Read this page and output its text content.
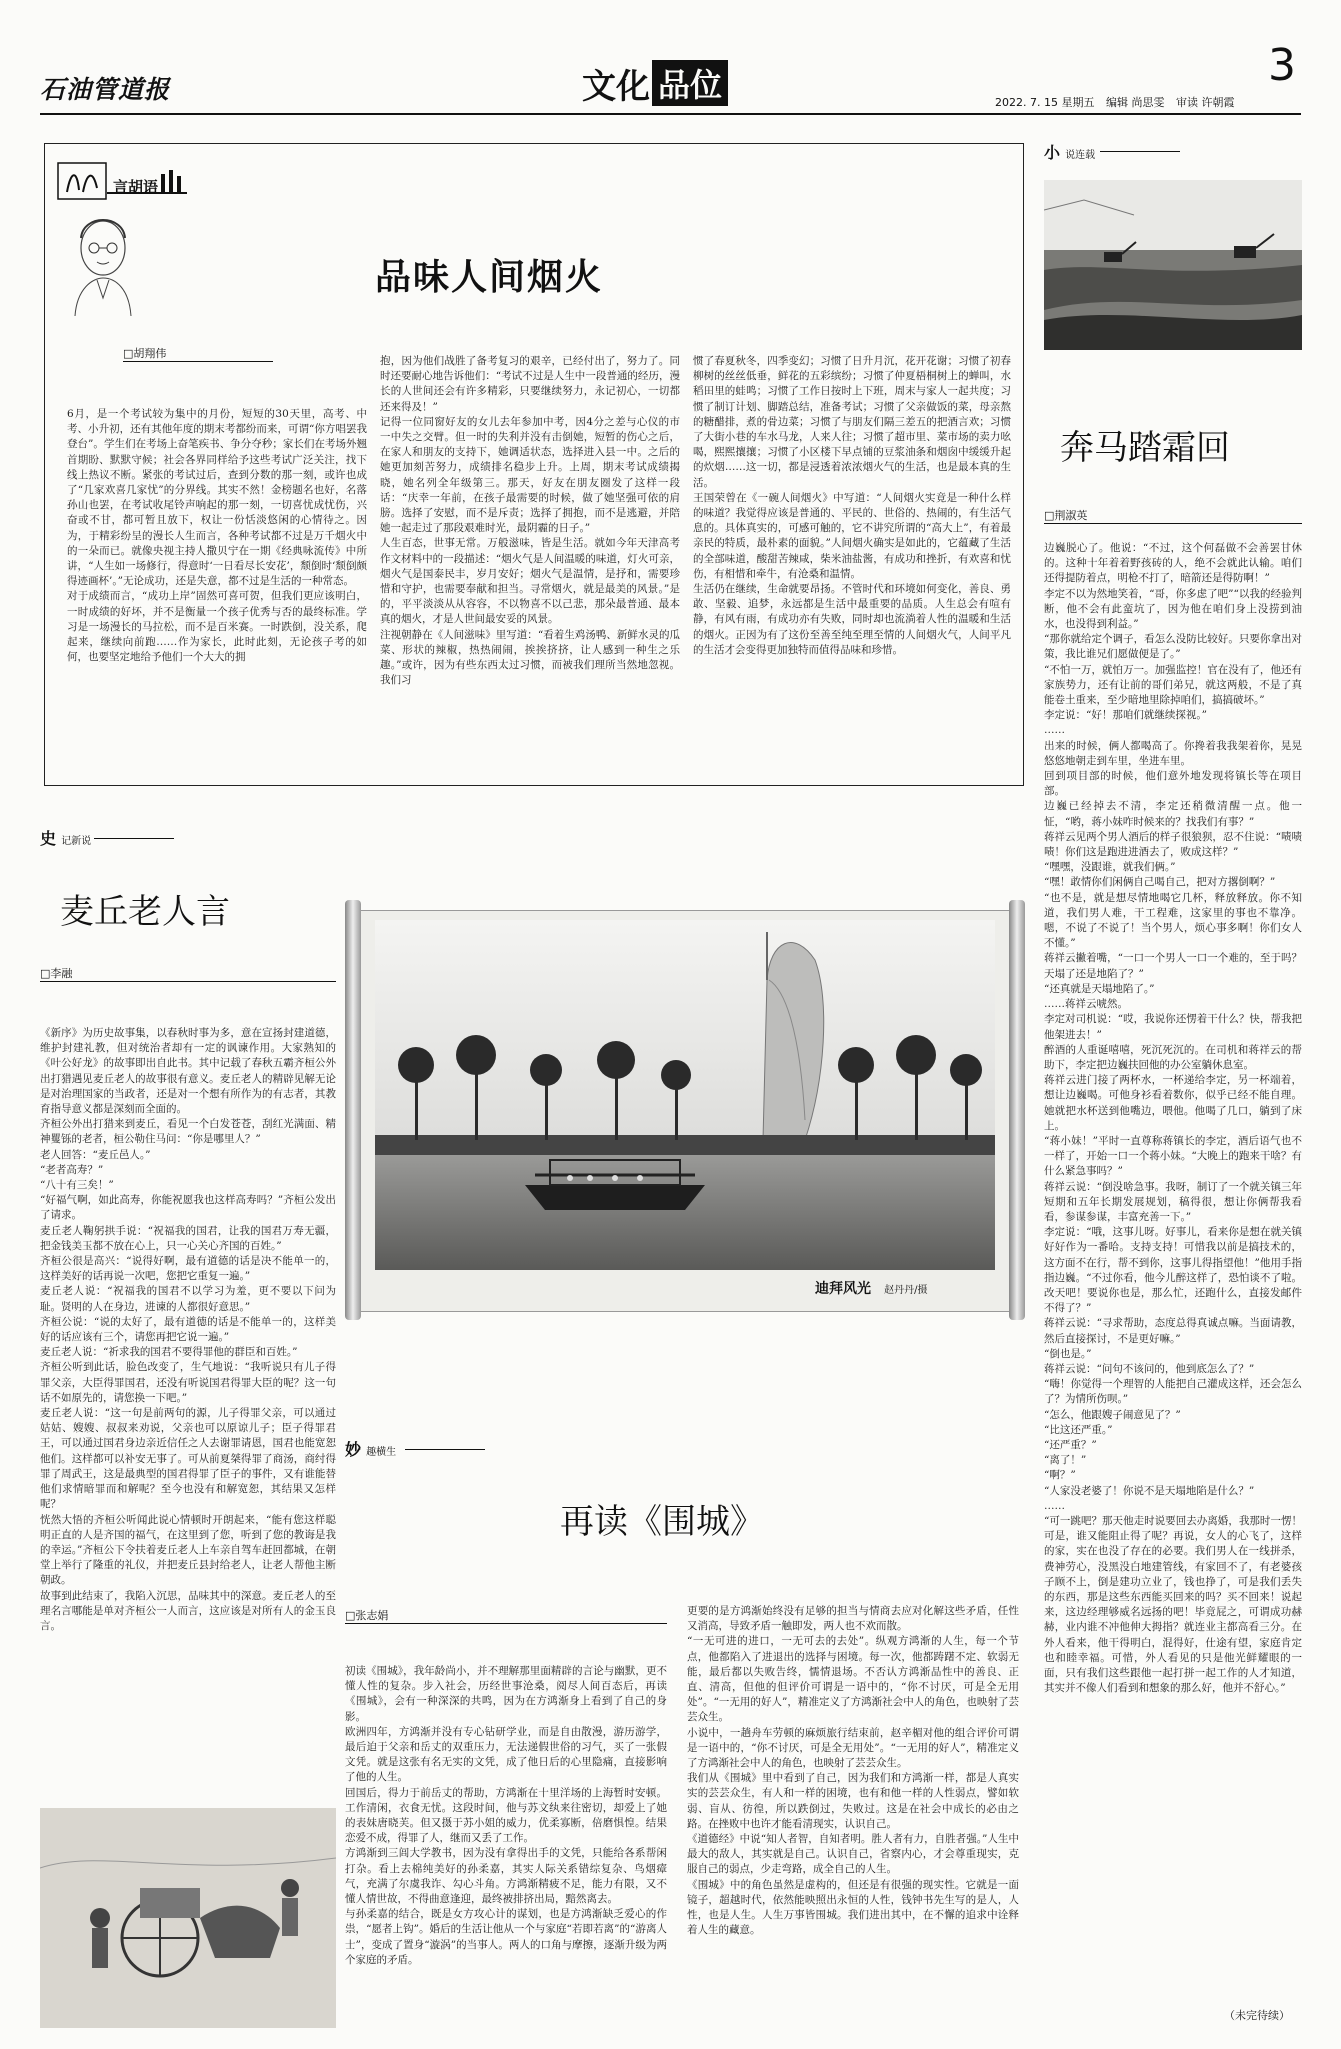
石油管道报	文化 品位	3
2022. 7. 15 星期五 编辑 尚思雯 审读 许朝霞
言胡语
品味人间烟火
□胡翔伟
6月，是一个考试较为集中的月份，短短的30天里，高考、中考、小升初，还有其他年度的期末考都纷而来，可谓“你方唱罢我登台”。学生们在考场上奋笔疾书、争分夺秒；家长们在考场外翘首期盼、默默守候；社会各界同样给予这些考试广泛关注，找下线上热议不断。紧张的考试过后，查到分数的那一刻，或许也成了“几家欢喜几家忧”的分界线。其实不然！金榜题名也好，名落孙山也罢，在考试收尾铃声响起的那一刻，一切喜忧成忧伤，兴奋或不甘，都可暂且放下，权让一份恬淡悠闲的心情待之。因为，于精彩纷呈的漫长人生而言，各种考试都不过是万千烟火中的一朵而已。就像央视主持人撒贝宁在一期《经典咏流传》中所讲，“人生如一场修行，得意时‘一日看尽长安花’，颓倒时‘颓倒颇得迹画杯’。”无论成功，还是失意，都不过是生活的一种常态。
对于成绩而言，“成功上岸”固然可喜可贺，但我们更应该明白，一时成绩的好坏，并不是衡量一个孩子优秀与否的最终标准。学习是一场漫长的马拉松，而不是百米赛。一时跌倒，没关系，爬起来，继续向前跑……作为家长，此时此刻，无论孩子考的如何，也要坚定地给予他们一个大大的拥
抱，因为他们战胜了备考复习的艰辛，已经付出了，努力了。同时还要耐心地告诉他们：“考试不过是人生中一段普通的经历，漫长的人世间还会有许多精彩，只要继续努力，永记初心，一切都还来得及！”
记得一位同窗好友的女儿去年参加中考，因4分之差与心仪的市一中失之交臂。但一时的失利并没有击倒她，短暂的伤心之后，在家人和朋友的支持下，她调适状态，选择进入县一中。之后的她更加刻苦努力，成绩排名稳步上升。上周，期末考试成绩揭晓，她名列全年级第三。那天，好友在朋友圈发了这样一段话：“庆幸一年前，在孩子最需要的时候，做了她坚强可依的肩膀。选择了安慰，而不是斥责；选择了拥抱，而不是逃避，并陪她一起走过了那段艰难时光，最阴霾的日子。”
人生百态，世事无常。万般滋味，皆是生活。就如今年天津高考作文材料中的一段描述：“烟火气是人间温暖的味道，灯火可亲，烟火气是国泰民丰，岁月安好；烟火气是温情，是抒和，需要珍惜和守护，也需要奉献和担当。寻常烟火，就是最美的风景。”是的，平平淡淡从从容容，不以物喜不以己悲，那朵最普通、最本真的烟火，才是人世间最安妥的风景。
注视朝静在《人间滋味》里写道：“看着生鸡汤鸭、新鲜水灵的瓜菜、形状的辣椒，热热闹闹，挨挨挤挤，让人感到一种生之乐趣。”或许，因为有些东西太过习惯，而被我们理所当然地忽视。我们习
惯了春夏秋冬，四季变幻；习惯了日升月沉，花开花谢；习惯了初春柳树的丝丝低垂，鲜花的五彩缤纷；习惯了仲夏梧桐树上的蝉叫，水稻田里的蛙鸣；习惯了工作日按时上下班，周末与家人一起共度；习惯了制订计划、脚踏总结，准备考试；习惯了父亲做饭的菜，母亲熬的糖醋排，煮的骨边菜；习惯了与朋友们隔三差五的把酒言欢；习惯了大街小巷的车水马龙，人来人往；习惯了超市里、菜市场的卖力吆喝，熙熙攘攘；习惯了小区楼下早点铺的豆浆油条和烟囱中缓缓升起的炊烟……这一切，都是浸透着浓浓烟火气的生活，也是最本真的生活。
王国荣曾在《一碗人间烟火》中写道：“人间烟火实竟是一种什么样的味道？我觉得应该是普通的、平民的、世俗的、热闹的，有生活气息的。具体真实的，可感可触的，它不讲究所谓的“高大上”，有着最亲民的特质，最朴素的面貌。”人间烟火确实是如此的，它蕴藏了生活的全部味道，酸甜苦辣咸，柴米油盐酱，有成功和挫折，有欢喜和忧伤，有相惜和牵牛，有沧桑和温情。
生活仍在继续，生命就要昂扬。不管时代和环境如何变化，善良、勇敢、坚毅、追梦，永远都是生活中最重要的品质。人生总会有喧有静，有风有雨，有成功亦有失败，同时却也流淌着人性的温暖和生活的烟火。正因为有了这份至善至纯至理至情的人间烟火气，人间平凡的生活才会变得更加独特而值得品味和珍惜。
小 说连载
奔马踏霜回
□荆淑英
边巍脱心了。他说：“不过，这个何磊做不会善罢甘休的。这种十年着着野孩砖的人，绝不会就此认输。咱们还得提防着点，明枪不打了，暗箭还是得防啊！”
李定不以为然地笑着，“哥，你多虑了吧”“以我的经验判断，他不会有此蛮坑了，因为他在咱们身上没捞到油水，也没得到利益。”
“那你就给定个调子，看怎么没防比较好。只要你拿出对策，我比谁兄们愿做便是了。”
“不怕一万，就怕万一。加强监控！官在没有了，他还有家族势力，还有让前的哥们弟兄，就这两般，不是了真能卷土重来，至少暗地里除掉咱们，搞搞破坏。”
李定说：“好！那咱们就继续探视。”
……
出来的时候，俩人都喝高了。你搀着我我架着你，晃晃悠悠地朝走到车里，坐进车里。
回到项目部的时候，他们意外地发现将镇长等在项目部。
边巍已经掉去不清，李定还稍微清醒一点。他一怔，“哟，蒋小妹咋时候来的？找我们有事？”
蒋祥云见两个男人酒后的样子很狼狈，忍不住说：“啧啧啧！你们这是跑进进酒去了，败成这样？”
“嘿嘿，没跟谁，就我们俩。”
“嘿！敢情你们闲俩自己喝自己，把对方撂倒啊？”
“也不是，就是想尽情地喝它几杯，释放释放。你不知道，我们男人难，干工程难，这家里的事也不靠净。嗯，不说了不说了！当个男人，烦心事多啊！你们女人不懂。”
蒋祥云撇着嘴，“一口一个男人一口一个难的，至于吗？天塌了还是地陷了？”
“还真就是天塌地陷了。”
……蒋祥云唬然。
李定对司机说：“哎，我说你还愣着干什么？快，帮我把他架进去！”
醉酒的人重诞嘻嘻，死沉死沉的。在司机和蒋祥云的帮助下，李定把边巍扶回他的办公室躺休息室。
蒋祥云进门接了两杯水，一杯递给李定，另一杯端着，想让边巍喝。可他身衫看着数你，似乎已经不能自理。她就把水杯送到他嘴边，喂他。他喝了几口，躺到了床上。
“蒋小妹！”平时一直尊称蒋镇长的李定，酒后语气也不一样了，开始一口一个蒋小妹。“大晚上的跑来干啥？有什么紧急事吗？”
蒋祥云说：“倒没啥急事。我呀，制订了一个就关镇三年短期和五年长期发展规划，稿得很，想让你俩帮我看看，参谋参谋，丰富充善一下。”
李定说：“哦，这事儿呀。好事儿，看来你是想在就关镇好好作为一番哈。支持支持！可惜我以前是搞技术的，这方面不在行，帮不到你，这事儿得指望他！”他用手指指边巍。“不过你看，他今儿醉这样了，恐怕谈不了啦。改天吧！要说你也是，那么忙，还跑什么，直接发邮件不得了？”
蒋祥云说：“寻求帮助，态度总得真诚点嘛。当面请教，然后直接探讨，不是更好嘛。”
“倒也是。”
蒋祥云说：“问句不该问的，他到底怎么了？”
“嗨！你觉得一个理智的人能把自己灌成这样，还会怎么了？为情所伤呗。”
“怎么，他跟嫂子闹意见了？”
“比这还严重。”
“还严重？”
“离了！”
“啊？”
“人家没老婆了！你说不是天塌地陷是什么？”
……
“可一跳吧？那天他走时说要回去办离婚，我那时一愣！可是，谁又能阻止得了呢？再说，女人的心飞了，这样的家，实在也没了存在的必要。我们男人在一线拼杀，费神劳心，没黑没白地建管线，有家回不了，有老婆孩子顾不上，倒是建功立业了，钱也挣了，可是我们丢失的东西，那是这些东西能买回来的吗？买不回来！说起来，这边经理够威名远扬的吧！毕竟屁之，可谓成功赫赫，业内谁不冲他伸大拇指？就连业主都高看三分。在外人看来，他干得明白，混得好，仕途有望，家庭肯定也和睦幸福。可惜，外人看见的只是他光鲜耀眼的一面，只有我们这些跟他一起打拼一起工作的人才知道，其实并不像人们看到和想象的那么好，他并不舒心。”
（未完待续）
史 记新说
麦丘老人言
□李融
《新序》为历史故事集，以春秋时事为多，意在宣扬封建道德，维护封建礼教，但对统治者却有一定的讽谏作用。大家熟知的《叶公好龙》的故事即出自此书。其中记载了春秋五霸齐桓公外出打猎遇见麦丘老人的故事很有意义。麦丘老人的精辟见解无论是对治理国家的当政者，还是对一个想有所作为的有志者，其教育指导意义都是深刻而全面的。
齐桓公外出打猎来到麦丘，看见一个白发苍苍，刮红光满面、精神矍铄的老者，桓公勒住马问：“你是哪里人？”
老人回答：“麦丘邑人。”
“老者高寿？”
“八十有三矣！”
“好福气啊，如此高寿，你能祝愿我也这样高寿吗？”齐桓公发出了请求。
麦丘老人鞠躬拱手说：“祝福我的国君，让我的国君万寿无疆，把金钱美玉都不放在心上，只一心关心齐国的百姓。”
齐桓公很是高兴：“说得好啊，最有道德的话是决不能单一的，这样美好的话再说一次吧，您把它重复一遍。”
麦丘老人说：“祝福我的国君不以学习为羞，更不要以下问为耻。贤明的人在身边，进谏的人都很好意思。”
齐桓公说：“说的太好了，最有道德的话是不能单一的，这样美好的话应该有三个，请您再把它说一遍。”
麦丘老人说：“祈求我的国君不要得罪他的群臣和百姓。”
齐桓公听到此话，脸色改变了，生气地说：“我听说只有儿子得罪父亲，大臣得罪国君，还没有听说国君得罪大臣的呢？这一句话不如原先的，请您换一下吧。”
麦丘老人说：“这一句是前两句的源，儿子得罪父亲，可以通过姑姑、嫂嫂、叔叔来劝说，父亲也可以原谅儿子；臣子得罪君王，可以通过国君身边亲近信任之人去谢罪请恩，国君也能宽恕他们。这样都可以补安无事了。可从前夏桀得罪了商汤，商纣得罪了周武王，这是最典型的国君得罪了臣子的事件，又有谁能替他们求情暗罪而和解呢？至今也没有和解宽恕，其结果又怎样呢？
恍然大悟的齐桓公听闻此说心情顿时开朗起来，“能有您这样聪明正直的人是齐国的福气，在这里到了您，听到了您的教诲是我的幸运。”齐桓公下令扶着麦丘老人上车亲自驾车赶回都城，在朝堂上举行了隆重的礼仪，并把麦丘县封给老人，让老人帮他主断朝政。
故事到此结束了，我陷入沉思，品味其中的深意。麦丘老人的至理名言哪能是单对齐桓公一人而言，这应该是对所有人的金玉良言。
迪拜风光 赵丹丹/摄
妙 趣横生
再读《围城》
□张志娟
初读《围城》，我年龄尚小，并不理解那里面精辟的言论与幽默，更不懂人性的复杂。步入社会，历经世事沧桑，阅尽人间百态后，再读《围城》，会有一种深深的共鸣，因为在方鸿渐身上看到了自己的身影。
欧洲四年，方鸿渐并没有专心钻研学业，而是自由散漫，游历游学，最后迫于父亲和岳丈的双重压力，无法递假世俗的习气，买了一张假文凭。就是这张有名无实的文凭，成了他日后的心里隐痛，直接影响了他的人生。
回国后，得力于前岳丈的帮助，方鸿渐在十里洋场的上海暂时安顿。工作清闲，衣食无忧。这段时间，他与苏文纨来往密切，却爱上了她的表妹唐晓芙。但又摄于苏小姐的威力，优柔寡断，倍磨惧惶。结果恋爱不成，得罪了人，继而又丢了工作。
方鸿渐到三闾大学教书，因为没有拿得出手的文凭，只能给各系帮闲打杂。看上去棉纯美好的孙柔嘉，其实人际关系错综复杂、鸟烟瘴气，充满了尔虞我诈、勾心斗角。方鸿渐精疲不足，能力有限，又不懂人情世故，不得曲意逢迎，最终被排挤出局，黯然离去。
与孙柔嘉的结合，既是女方攻心计的谋划，也是方鸿渐缺乏爱心的作祟，“愿者上钩”。婚后的生活让他从一个与家庭“若即若离”的“游离人士”，变成了置身“漩涡”的当事人。两人的口角与摩擦，逐渐升级为两个家庭的矛盾。
更要的是方鸿渐始终没有足够的担当与情商去应对化解这些矛盾，任性又消高，导致矛盾一触即发，两人也不欢而散。
“一无可进的进口，一无可去的去处”。纵观方鸿渐的人生，每一个节点，他都陷入了进退出的选择与困境。每一次，他都踌躇不定、软弱无能，最后都以失败告终，懦情退场。不否认方鸿渐品性中的善良、正直、清高，但他的但评价可谓是一语中的，“你不讨厌，可是全无用处”。“一无用的好人”，精准定义了方鸿渐社会中人的角色，也映射了芸芸众生。
小说中，一趟舟车劳顿的麻烦旅行结束前，赵辛楣对他的组合评价可谓是一语中的，“你不讨厌，可是全无用处”。“一无用的好人”，精准定义了方鸿渐社会中人的角色，也映射了芸芸众生。
我们从《围城》里中看到了自己，因为我们和方鸿渐一样，都是人真实实的芸芸众生，有人和一样的困境，也有和他一样的人性弱点，譬如软弱、盲从、彷徨，所以跌倒过，失败过。这是在社会中成长的必由之路。在挫败中也许才能看清现实，认识自己。
《道德经》中说“知人者智，自知者明。胜人者有力，自胜者强。”人生中最大的敌人，其实就是自己。认识自己，省察内心，才会尊重现实，克服自己的弱点，少走弯路，成全自己的人生。
《围城》中的角色虽然是虚构的，但还是有很强的现实性。它就是一面镜子，超越时代，依然能映照出永恒的人性，钱钟书先生写的是人，人性，也是人生。人生万事皆围城。我们进出其中，在不懈的追求中诠释着人生的藏意。
